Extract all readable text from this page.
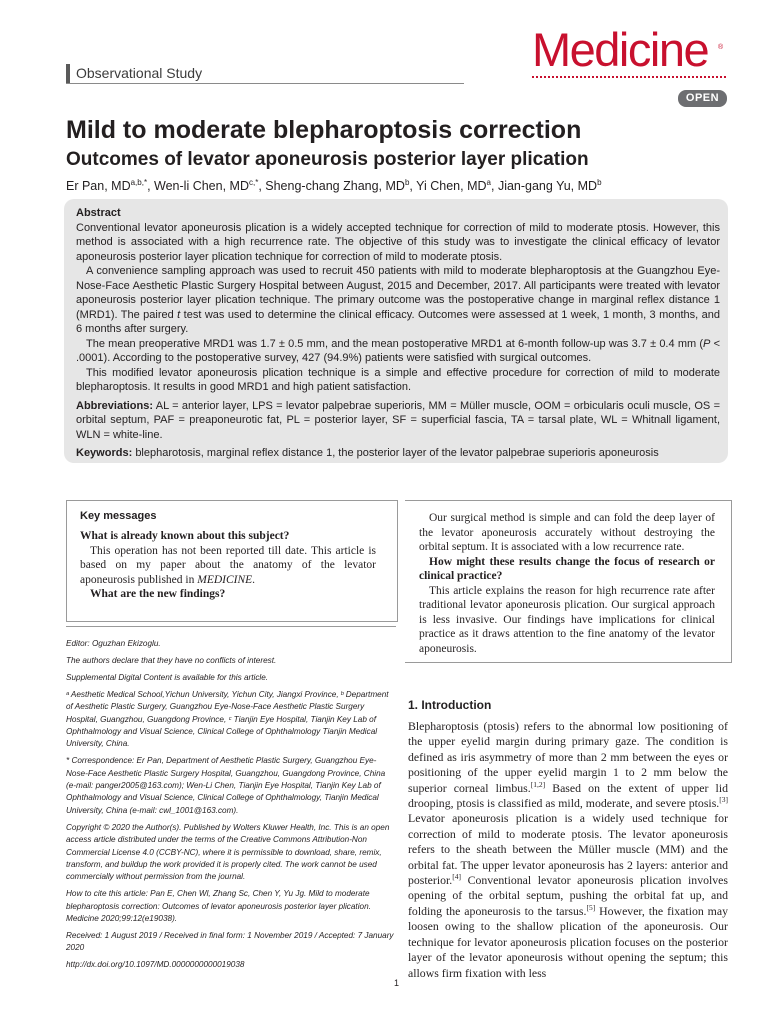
Observational Study	Medicine ®
OPEN
Mild to moderate blepharoptosis correction
Outcomes of levator aponeurosis posterior layer plication
Er Pan, $MD^{a,b,*}$, Wen-li Chen, $MD^{c,*}$, Sheng-chang Zhang, $MD^b$, Yi Chen, $MD^a$, Jian-gang Yu, $MD^b$

Abstract

Conventional levator aponeurosis plication is a widely accepted technique for correction of mild to moderate ptosis. However, this method is associated with a high recurrence rate. The objective of this study was to investigate the clinical efficacy of levator aponeurosis posterior layer plication technique for correction of mild to moderate ptosis.

A convenience sampling approach was used to recruit 450 patients with mild to moderate blepharoptosis at the Guangzhou Eye-Nose-Face Aesthetic Plastic Surgery Hospital between August, 2015 and December, 2017. All participants were treated with levator aponeurosis posterior layer plication technique. The primary outcome was the postoperative change in marginal reflex distance 1 (MRD1). The paired t test was used to determine the clinical efficacy. Outcomes were assessed at 1 week, 1 month, 3 months, and 6 months after surgery.

The mean preoperative MRD1 was 1.7 ± 0.5 mm, and the mean postoperative MRD1 at 6-month follow-up was 3.7 ± 0.4 mm (P < .0001). According to the postoperative survey, 427 (94.9%) patients were satisfied with surgical outcomes.

This modified levator aponeurosis plication technique is a simple and effective procedure for correction of mild to moderate blepharoptosis. It results in good MRD1 and high patient satisfaction.

Abbreviations: AL = anterior layer, LPS = levator palpebrae superioris, MM = Müller muscle, OOM = orbicularis oculi muscle, OS = orbital septum, PAF = preaponeurotic fat, PL = posterior layer, SF = superficial fascia, TA = tarsal plate, WL = Whitnall ligament, WLN = white-line.

Keywords: blepharotosis, marginal reflex distance 1, the posterior layer of the levator palpebrae superioris aponeurosis

Key messages

What is already known about this subject?

This operation has not been reported till date. This article is based on my paper about the anatomy of the levator aponeurosis published in MEDICINE.

What are the new findings?

Our surgical method is simple and can fold the deep layer of the levator aponeurosis accurately without destroying the orbital septum. It is associated with a low recurrence rate.

How might these results change the focus of research or clinical practice?

This article explains the reason for high recurrence rate after traditional levator aponeurosis plication. Our surgical approach is less invasive. Our findings have implications for clinical practice as it draws attention to the fine anatomy of the levator aponeurosis.

Editor: Oguzhan Ekizoglu.

The authors declare that they have no conflicts of interest.

Supplemental Digital Content is available for this article.

ᵃ Aesthetic Medical School,Yichun University, Yichun City, Jiangxi Province, ᵇ Department of Aesthetic Plastic Surgery, Guangzhou Eye-Nose-Face Aesthetic Plastic Surgery Hospital, Guangzhou, Guangdong Province, ᶜ Tianjin Eye Hospital, Tianjin Key Lab of Ophthalmology and Visual Science, Clinical College of Ophthalmology Tianjin Medical University, China.

* Correspondence: Er Pan, Department of Aesthetic Plastic Surgery, Guangzhou Eye-Nose-Face Aesthetic Plastic Surgery Hospital, Guangzhou, Guangdong Province, China (e-mail: panger2005@163.com); Wen-Li Chen, Tianjin Eye Hospital, Tianjin Key Lab of Ophthalmology and Visual Science, Clinical College of Ophthalmology, Tianjin Medical University, China (e-mail: cwl_1001@163.com).

Copyright © 2020 the Author(s). Published by Wolters Kluwer Health, Inc. This is an open access article distributed under the terms of the Creative Commons Attribution-Non Commercial License 4.0 (CCBY-NC), where it is permissible to download, share, remix, transform, and buildup the work provided it is properly cited. The work cannot be used commercially without permission from the journal.

How to cite this article: Pan E, Chen Wl, Zhang Sc, Chen Y, Yu Jg. Mild to moderate blepharoptosis correction: Outcomes of levator aponeurosis posterior layer plication. Medicine 2020;99:12(e19038).

Received: 1 August 2019 / Received in final form: 1 November 2019 / Accepted: 7 January 2020

http://dx.doi.org/10.1097/MD.0000000000019038

1. Introduction

Blepharoptosis (ptosis) refers to the abnormal low positioning of the upper eyelid margin during primary gaze. The condition is defined as iris asymmetry of more than 2 mm between the eyes or positioning of the upper eyelid margin 1 to 2 mm below the superior corneal limbus.[1,2] Based on the extent of upper lid drooping, ptosis is classified as mild, moderate, and severe ptosis.[3] Levator aponeurosis plication is a widely used technique for correction of mild to moderate ptosis. The levator aponeurosis refers to the sheath between the Müller muscle (MM) and the orbital fat. The upper levator aponeurosis has 2 layers: anterior and posterior.[4] Conventional levator aponeurosis plication involves opening of the orbital septum, pushing the orbital fat up, and folding the aponeurosis to the tarsus.[5] However, the fixation may loosen owing to the shallow plication of the aponeurosis. Our technique for levator aponeurosis plication focuses on the posterior layer of the levator aponeurosis without opening the septum; this allows firm fixation with less

1
